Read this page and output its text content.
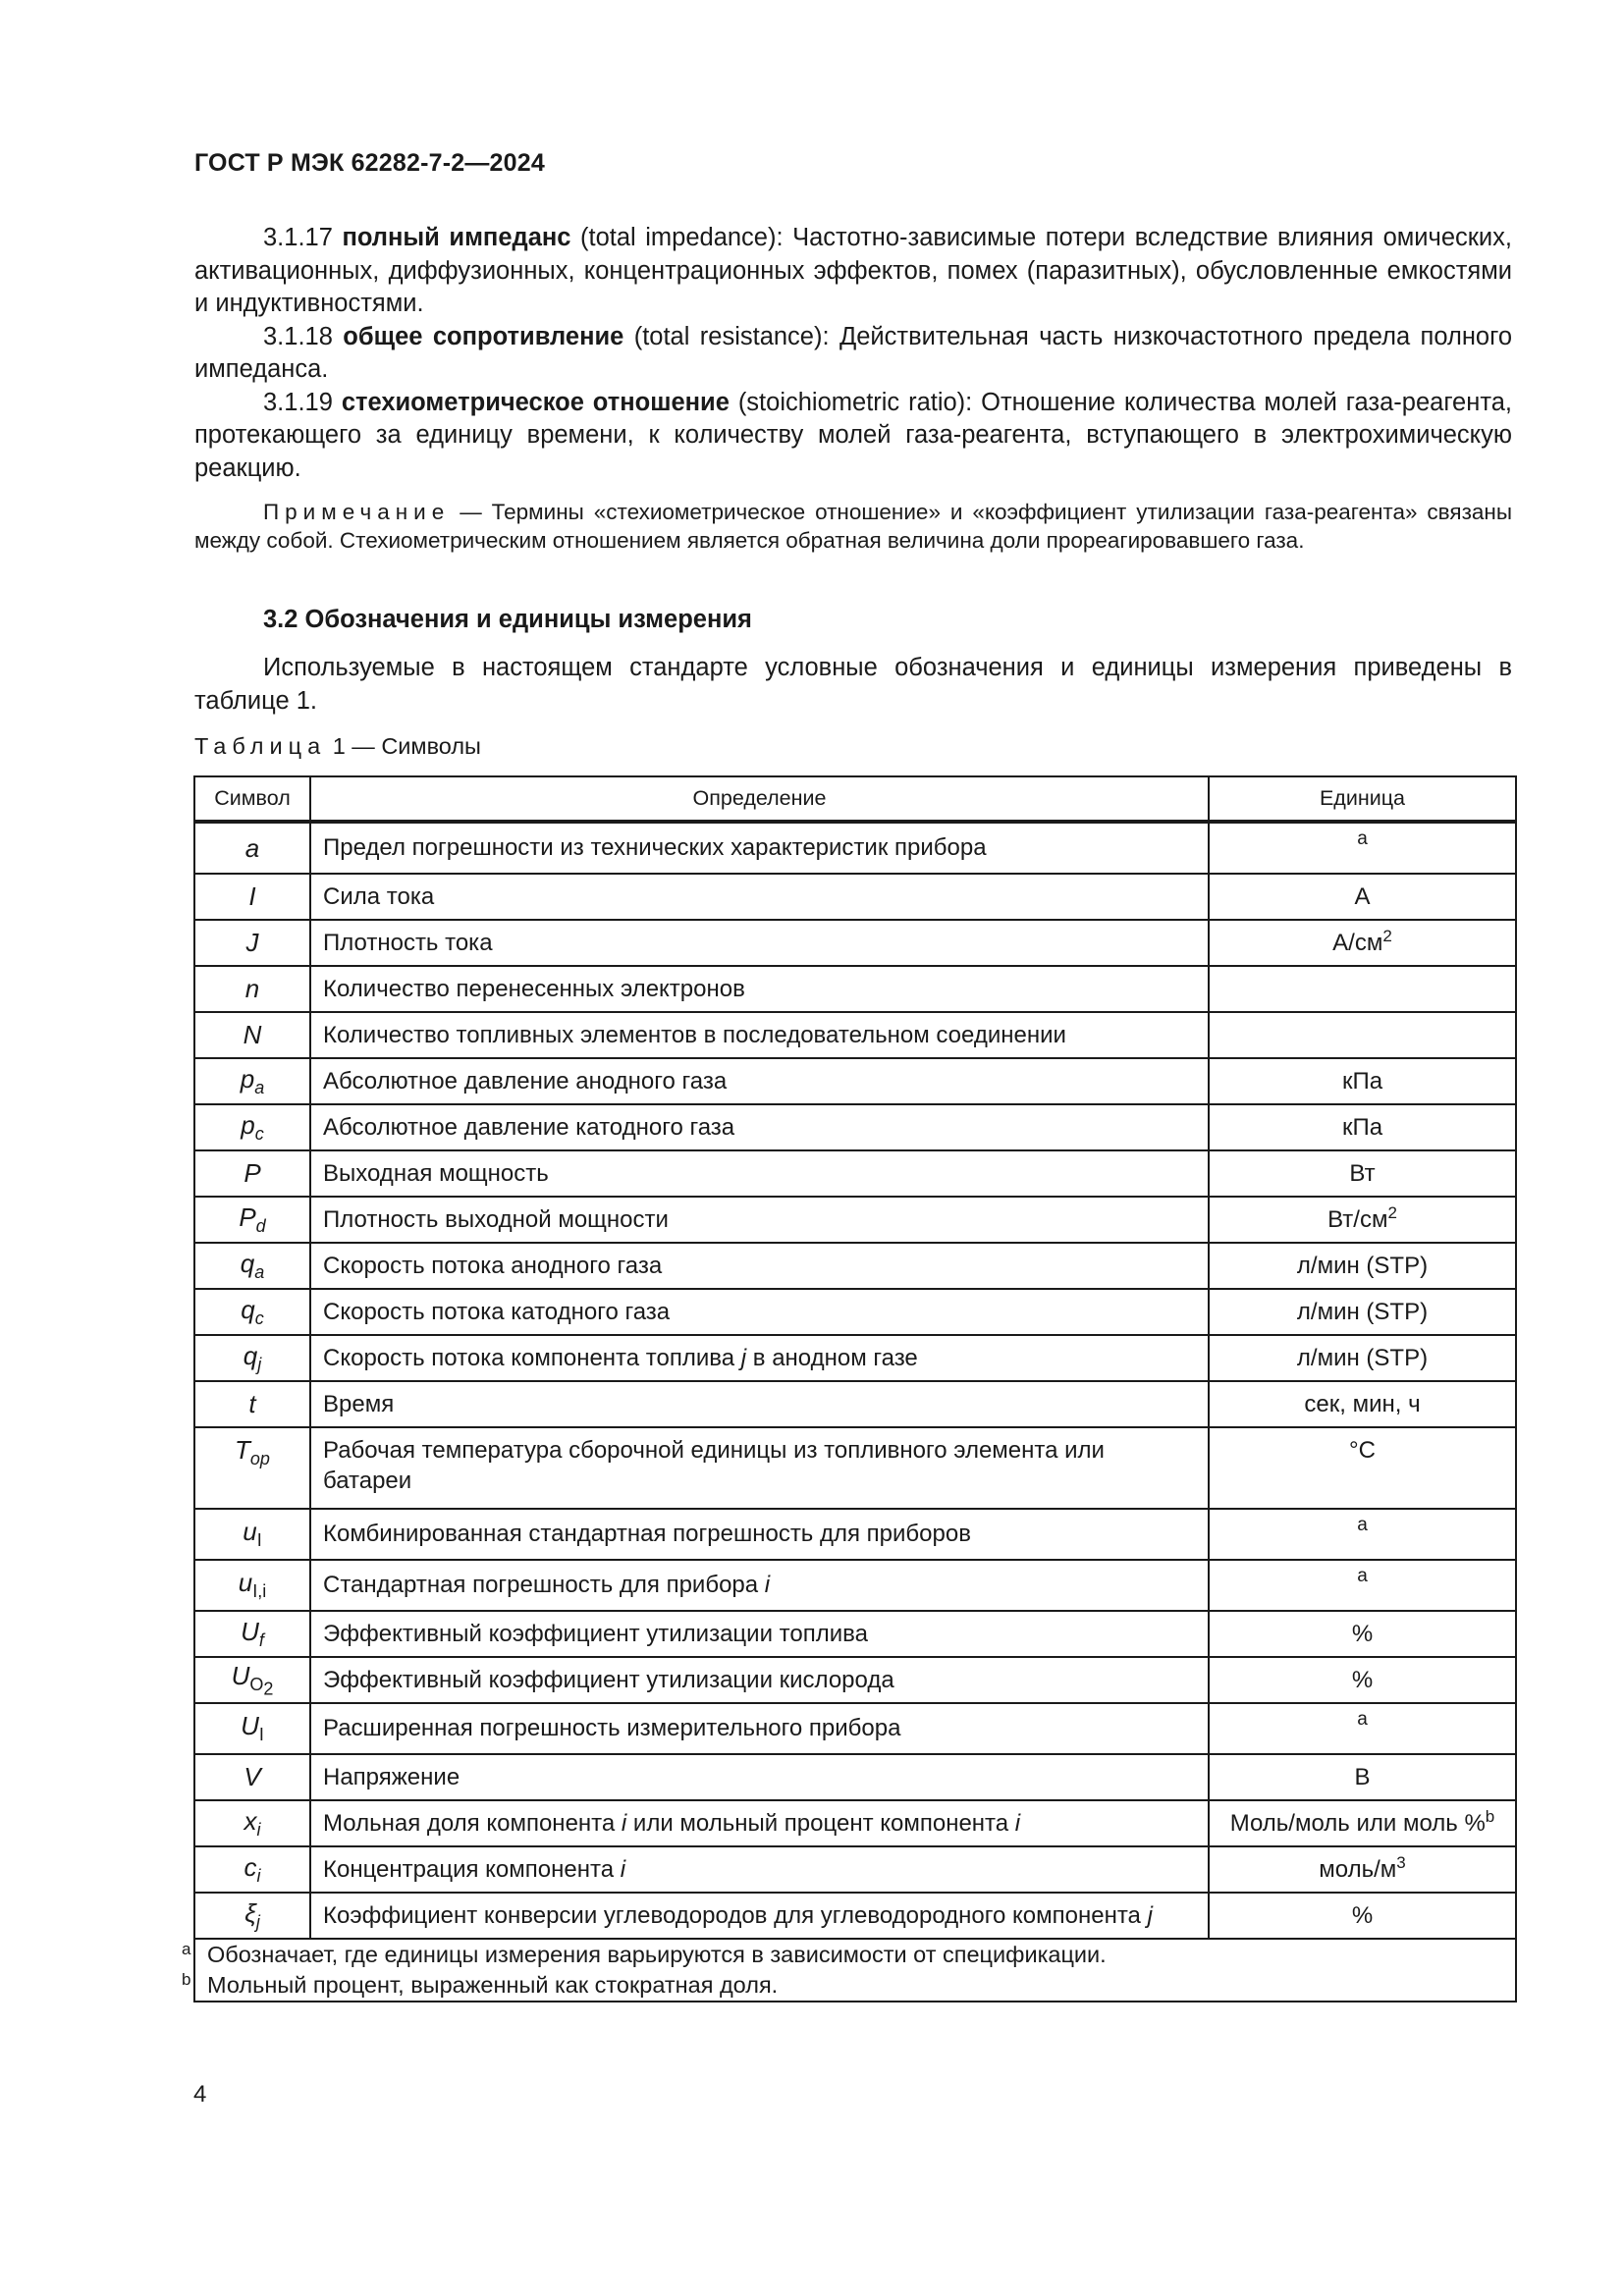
ГОСТ Р МЭК 62282-7-2—2024

3.1.17 полный импеданс (total impedance): Частотно-зависимые потери вследствие влияния омических, активационных, диффузионных, концентрационных эффектов, помех (паразитных), обусловленные емкостями и индуктивностями.

3.1.18 общее сопротивление (total resistance): Действительная часть низкочастотного предела полного импеданса.

3.1.19 стехиометрическое отношение (stoichiometric ratio): Отношение количества молей газа-реагента, протекающего за единицу времени, к количеству молей газа-реагента, вступающего в электрохимическую реакцию.

Примечание — Термины «стехиометрическое отношение» и «коэффициент утилизации газа-реагента» связаны между собой. Стехиометрическим отношением является обратная величина доли прореагировавшего газа.

3.2 Обозначения и единицы измерения

Используемые в настоящем стандарте условные обозначения и единицы измерения приведены в таблице 1.

Таблица 1 — Символы
Символ	Определение	Единица
a	Предел погрешности из технических характеристик прибора	a
I	Сила тока	A
J	Плотность тока	$A/см^2$
n	Количество перенесенных электронов	
N	Количество топливных элементов в последовательном соединении	
$p_a$	Абсолютное давление анодного газа	кПа
$p_c$	Абсолютное давление катодного газа	кПа
P	Выходная мощность	Вт
$P_d$	Плотность выходной мощности	$Вт/см^2$
$q_a$	Скорость потока анодного газа	л/мин (STP)
$q_c$	Скорость потока катодного газа	л/мин (STP)
$q_j$	Скорость потока компонента топлива j в анодном газе	л/мин (STP)
t	Время	сек, мин, ч
$T_{op}$	Рабочая температура сборочной единицы из топливного элемента или батареи	°C
$u_I$	Комбинированная стандартная погрешность для приборов	a
$u_{I,i}$	Стандартная погрешность для прибора i	a
$U_f$	Эффективный коэффициент утилизации топлива	%
$U_{O_2}$	Эффективный коэффициент утилизации кислорода	%
$U_I$	Расширенная погрешность измерительного прибора	a
V	Напряжение	B
$x_i$	Мольная доля компонента i или мольный процент компонента i	Моль/моль или моль %$^b$
$c_i$	Концентрация компонента i	моль/$м^3$
$\xi_j$	Коэффициент конверсии углеводородов для углеводородного компонента j	%

a Обозначает, где единицы измерения варьируются в зависимости от спецификации.
b Мольный процент, выраженный как стократная доля.		
4
